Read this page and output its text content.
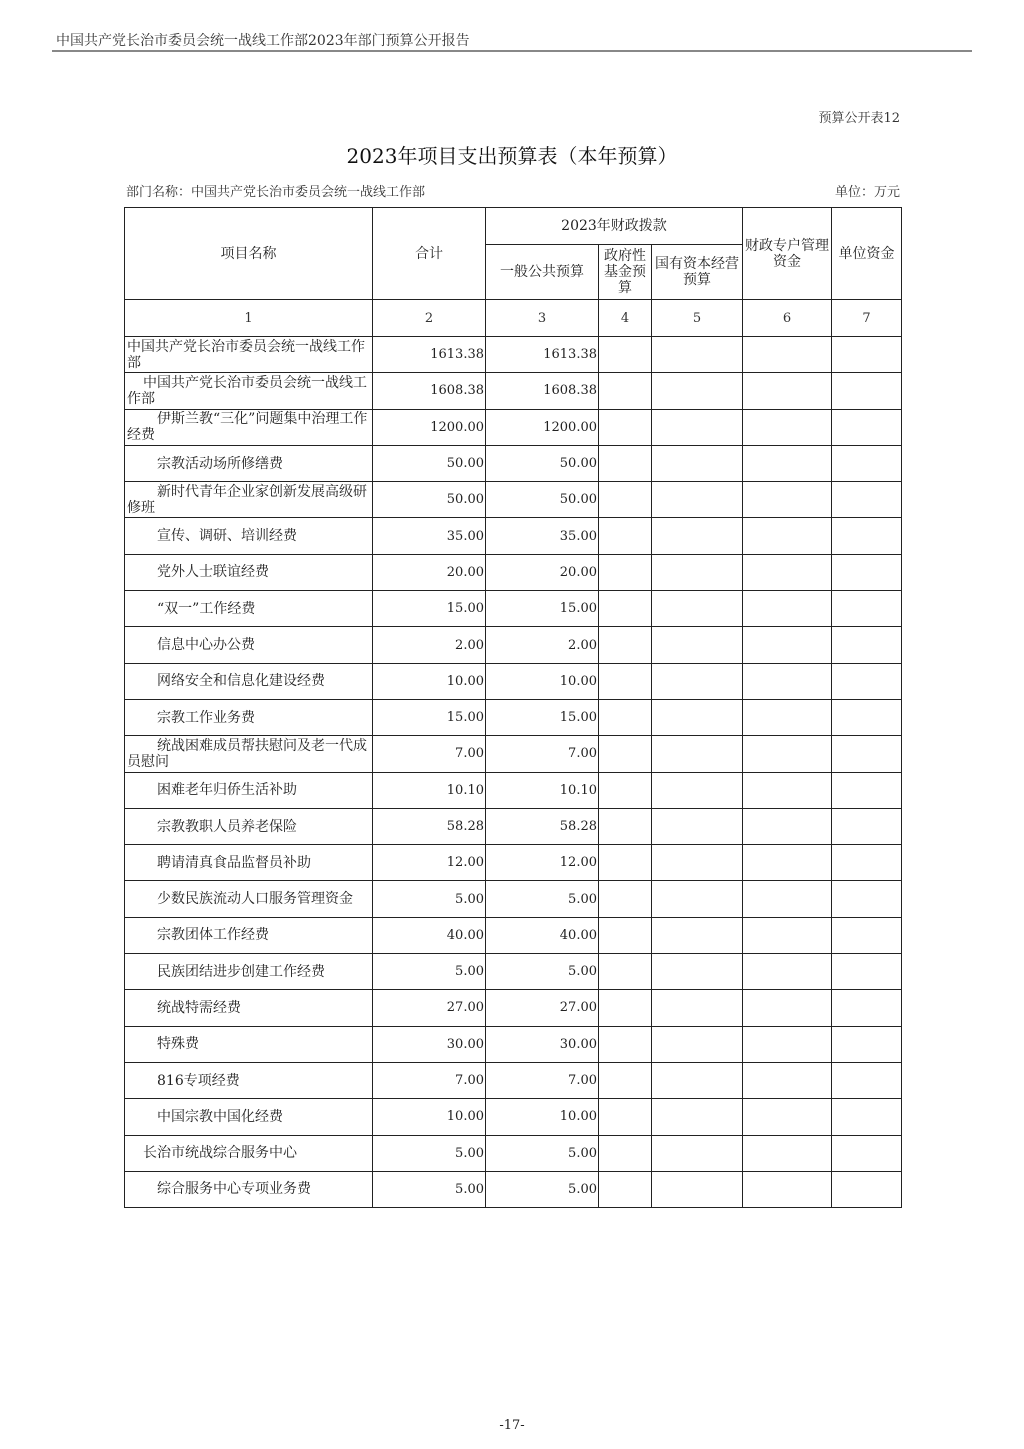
中国共产党长治市委员会统一战线工作部2023年部门预算公开报告
预算公开表12
2023年项目支出预算表（本年预算）
部门名称：中国共产党长治市委员会统一战线工作部	单位：万元
项目名称	合计	2023年财政拨款			财政专户管理资金	单位资金
		一般公共预算	政府性基金预算	国有资本经营预算		
1	2	3	4	5	6	7
中国共产党长治市委员会统一战线工作部	1613.38	1613.38				
中国共产党长治市委员会统一战线工作部	1608.38	1608.38				
伊斯兰教“三化”问题集中治理工作经费	1200.00	1200.00				
宗教活动场所修缮费	50.00	50.00				
新时代青年企业家创新发展高级研修班	50.00	50.00				
宣传、调研、培训经费	35.00	35.00				
党外人士联谊经费	20.00	20.00				
“双一”工作经费	15.00	15.00				
信息中心办公费	2.00	2.00				
网络安全和信息化建设经费	10.00	10.00				
宗教工作业务费	15.00	15.00				
统战困难成员帮扶慰问及老一代成员慰问	7.00	7.00				
困难老年归侨生活补助	10.10	10.10				
宗教教职人员养老保险	58.28	58.28				
聘请清真食品监督员补助	12.00	12.00				
少数民族流动人口服务管理资金	5.00	5.00				
宗教团体工作经费	40.00	40.00				
民族团结进步创建工作经费	5.00	5.00				
统战特需经费	27.00	27.00				
特殊费	30.00	30.00				
816专项经费	7.00	7.00				
中国宗教中国化经费	10.00	10.00				
长治市统战综合服务中心	5.00	5.00				
综合服务中心专项业务费	5.00	5.00				
-17-
